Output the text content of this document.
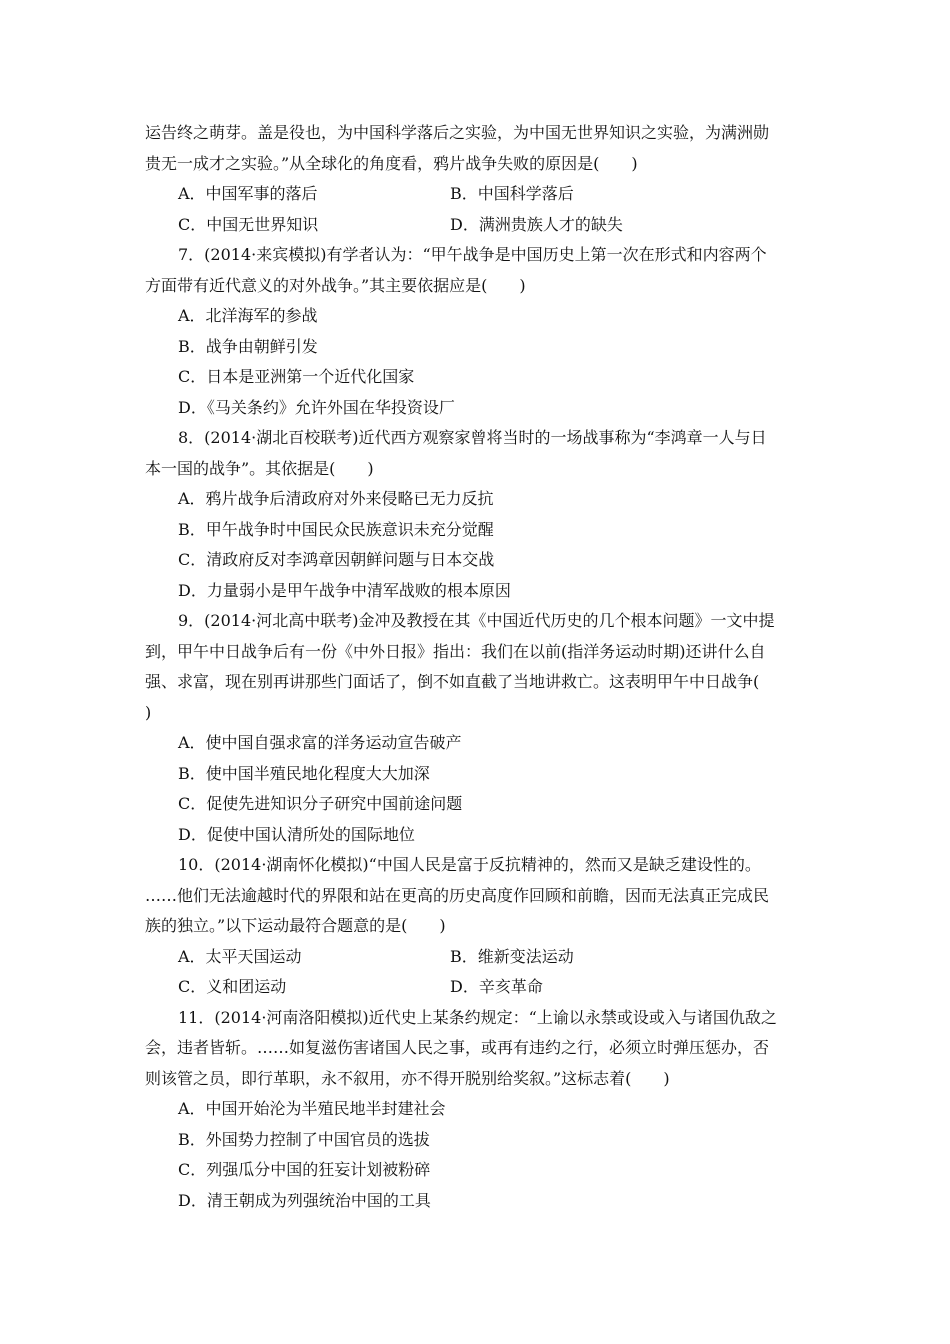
运告终之萌芽。盖是役也，为中国科学落后之实验，为中国无世界知识之实验，为满洲勋
贵无一成才之实验。”从全球化的角度看，鸦片战争失败的原因是(　　)
A．中国军事的落后	B．中国科学落后
C．中国无世界知识	D．满洲贵族人才的缺失
7．(2014·来宾模拟)有学者认为：“甲午战争是中国历史上第一次在形式和内容两个
方面带有近代意义的对外战争。”其主要依据应是(　　)
A．北洋海军的参战
B．战争由朝鲜引发
C．日本是亚洲第一个近代化国家
D．《马关条约》允许外国在华投资设厂
8．(2014·湖北百校联考)近代西方观察家曾将当时的一场战事称为“李鸿章一人与日
本一国的战争”。其依据是(　　)
A．鸦片战争后清政府对外来侵略已无力反抗
B．甲午战争时中国民众民族意识未充分觉醒
C．清政府反对李鸿章因朝鲜问题与日本交战
D．力量弱小是甲午战争中清军战败的根本原因
9．(2014·河北高中联考)金冲及教授在其《中国近代历史的几个根本问题》一文中提
到，甲午中日战争后有一份《中外日报》指出：我们在以前(指洋务运动时期)还讲什么自
强、求富，现在别再讲那些门面话了，倒不如直截了当地讲救亡。这表明甲午中日战争(
)
A．使中国自强求富的洋务运动宣告破产
B．使中国半殖民地化程度大大加深
C．促使先进知识分子研究中国前途问题
D．促使中国认清所处的国际地位
10．(2014·湖南怀化模拟)“中国人民是富于反抗精神的，然而又是缺乏建设性的。
……他们无法逾越时代的界限和站在更高的历史高度作回顾和前瞻，因而无法真正完成民
族的独立。”以下运动最符合题意的是(　　)
A．太平天国运动	B．维新变法运动
C．义和团运动	D．辛亥革命
11．(2014·河南洛阳模拟)近代史上某条约规定：“上谕以永禁或设或入与诸国仇敌之
会，违者皆斩。……如复滋伤害诸国人民之事，或再有违约之行，必须立时弹压惩办，否
则该管之员，即行革职，永不叙用，亦不得开脱别给奖叙。”这标志着(　　)
A．中国开始沦为半殖民地半封建社会
B．外国势力控制了中国官员的选拔
C．列强瓜分中国的狂妄计划被粉碎
D．清王朝成为列强统治中国的工具
